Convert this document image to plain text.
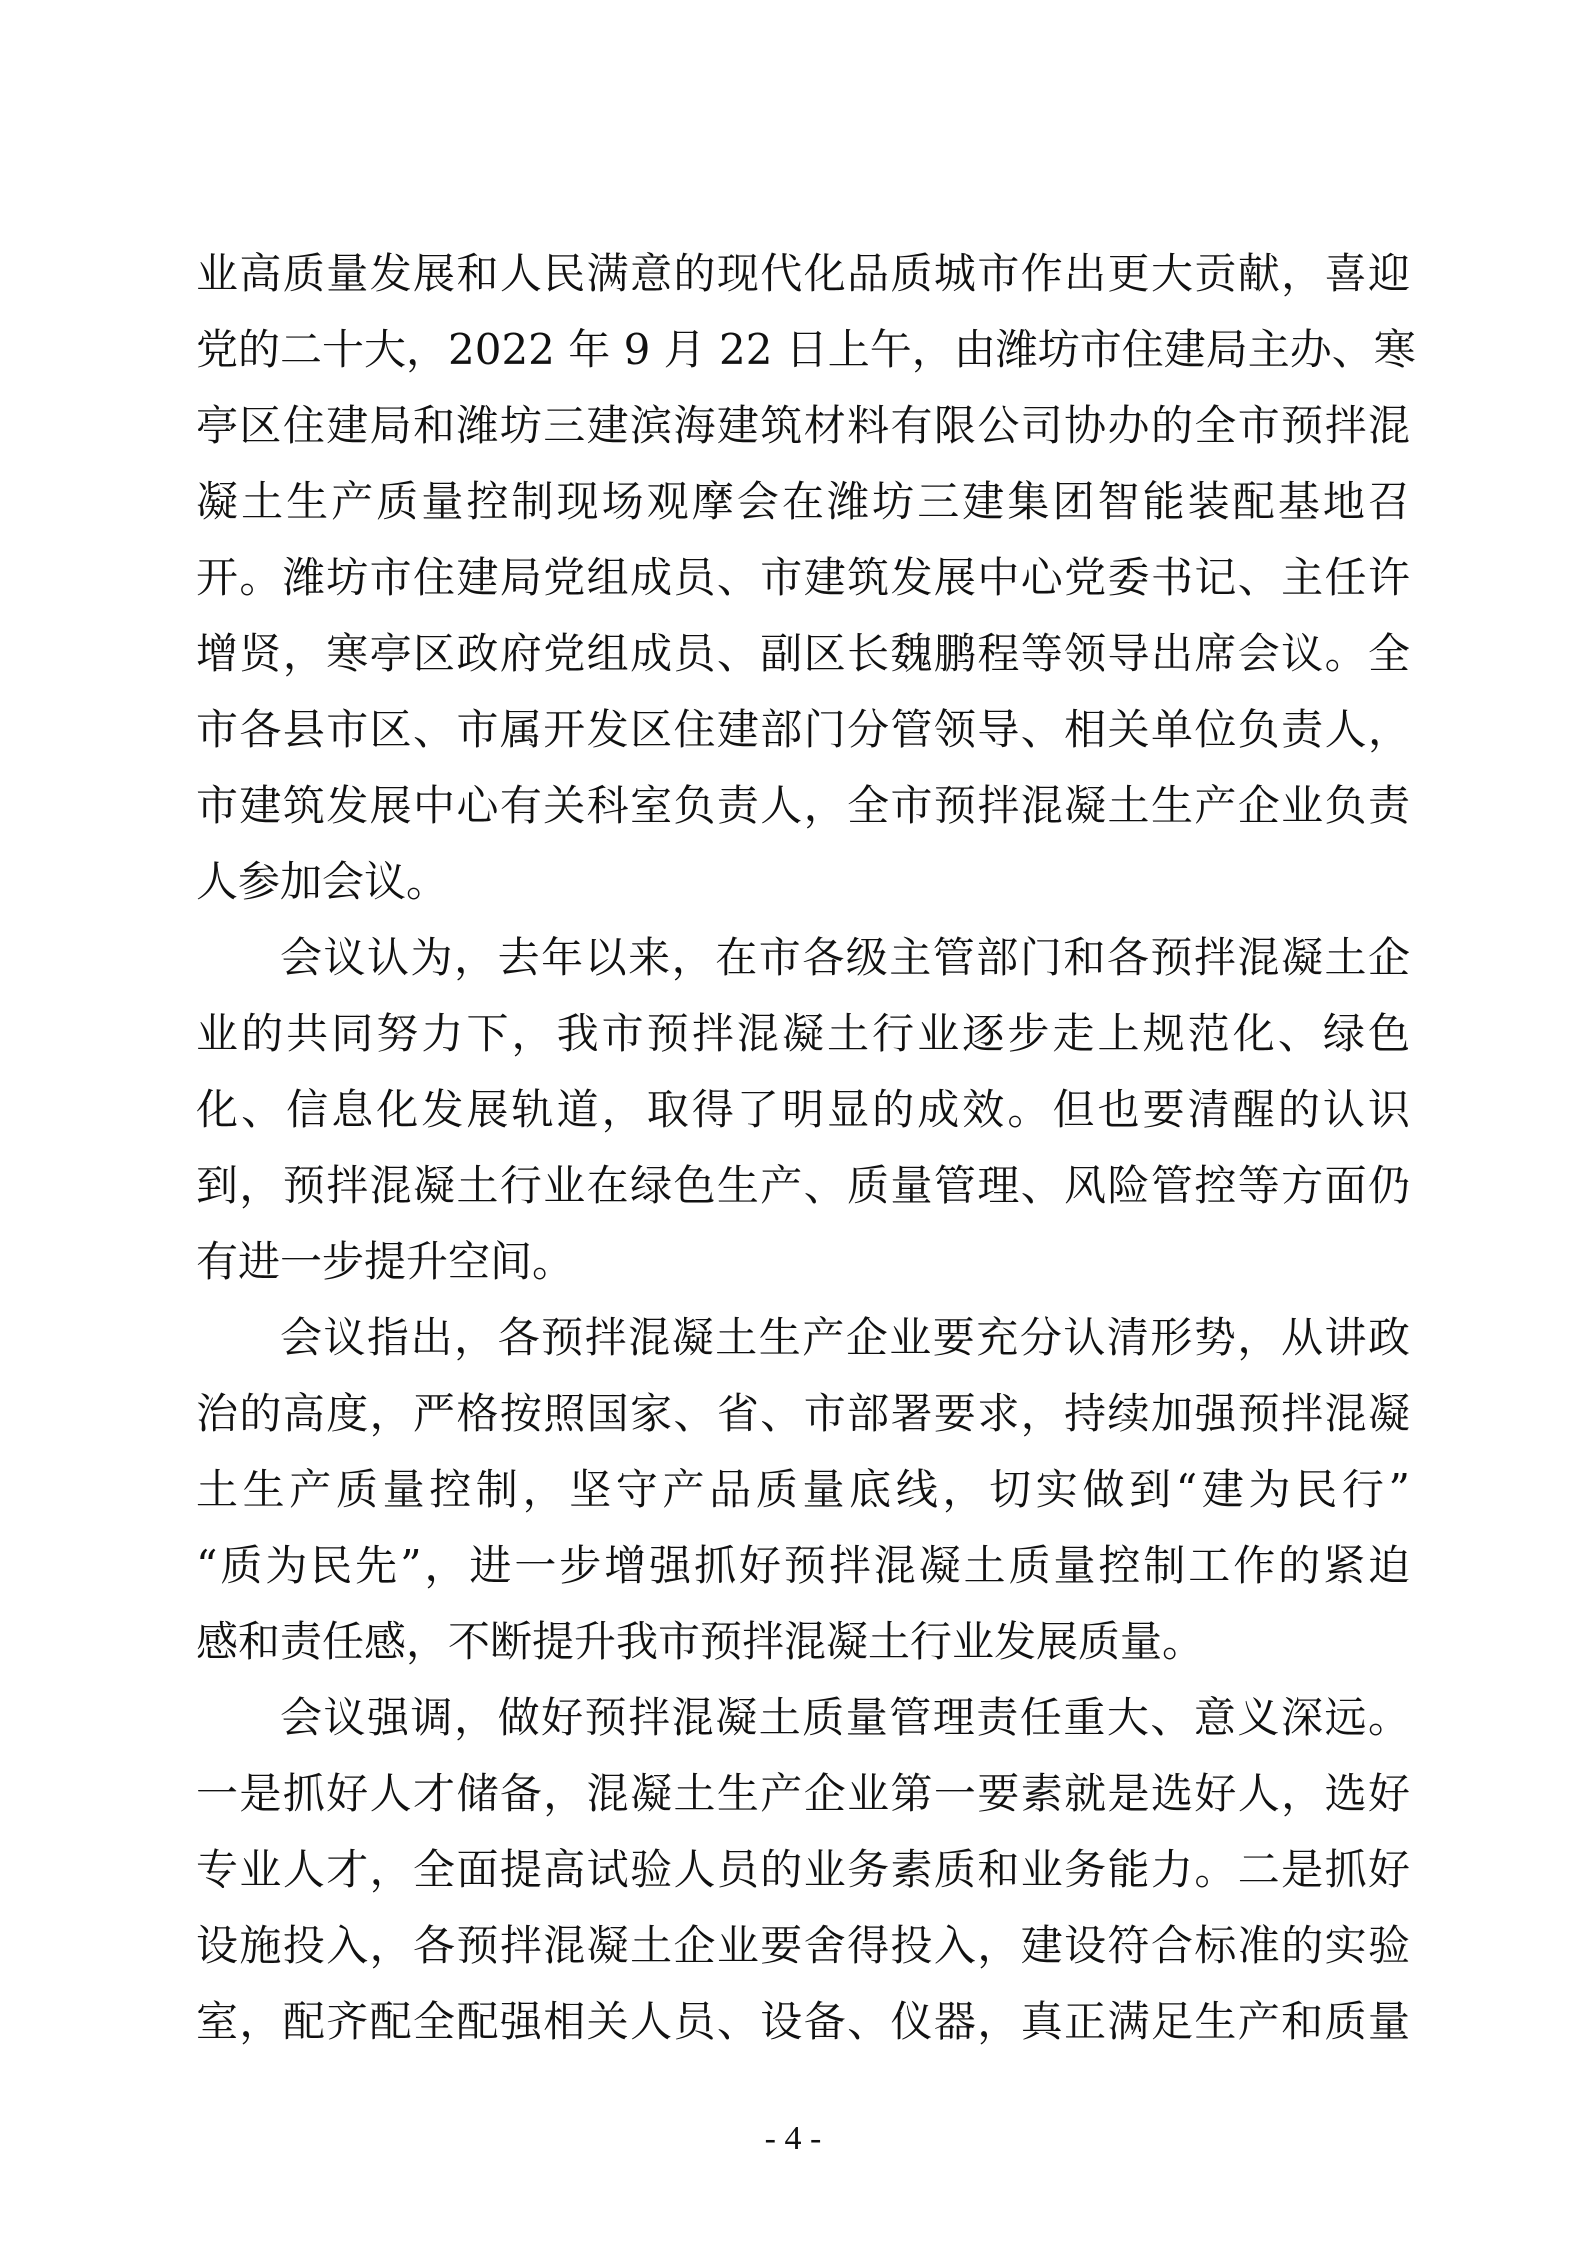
业高质量发展和人民满意的现代化品质城市作出更大贡献，喜迎
党的二十大，2022 年 9 月 22 日上午，由潍坊市住建局主办、寒
亭区住建局和潍坊三建滨海建筑材料有限公司协办的全市预拌混
凝土生产质量控制现场观摩会在潍坊三建集团智能装配基地召
开。潍坊市住建局党组成员、市建筑发展中心党委书记、主任许
增贤，寒亭区政府党组成员、副区长魏鹏程等领导出席会议。全
市各县市区、市属开发区住建部门分管领导、相关单位负责人，
市建筑发展中心有关科室负责人，全市预拌混凝土生产企业负责
人参加会议。
会议认为，去年以来，在市各级主管部门和各预拌混凝土企
业的共同努力下，我市预拌混凝土行业逐步走上规范化、绿色
化、信息化发展轨道，取得了明显的成效。但也要清醒的认识
到，预拌混凝土行业在绿色生产、质量管理、风险管控等方面仍
有进一步提升空间。
会议指出，各预拌混凝土生产企业要充分认清形势，从讲政
治的高度，严格按照国家、省、市部署要求，持续加强预拌混凝
土生产质量控制，坚守产品质量底线，切实做到“建为民行”
“质为民先”，进一步增强抓好预拌混凝土质量控制工作的紧迫
感和责任感，不断提升我市预拌混凝土行业发展质量。
会议强调，做好预拌混凝土质量管理责任重大、意义深远。
一是抓好人才储备，混凝土生产企业第一要素就是选好人，选好
专业人才，全面提高试验人员的业务素质和业务能力。二是抓好
设施投入，各预拌混凝土企业要舍得投入，建设符合标准的实验
室，配齐配全配强相关人员、设备、仪器，真正满足生产和质量
- 4 -
